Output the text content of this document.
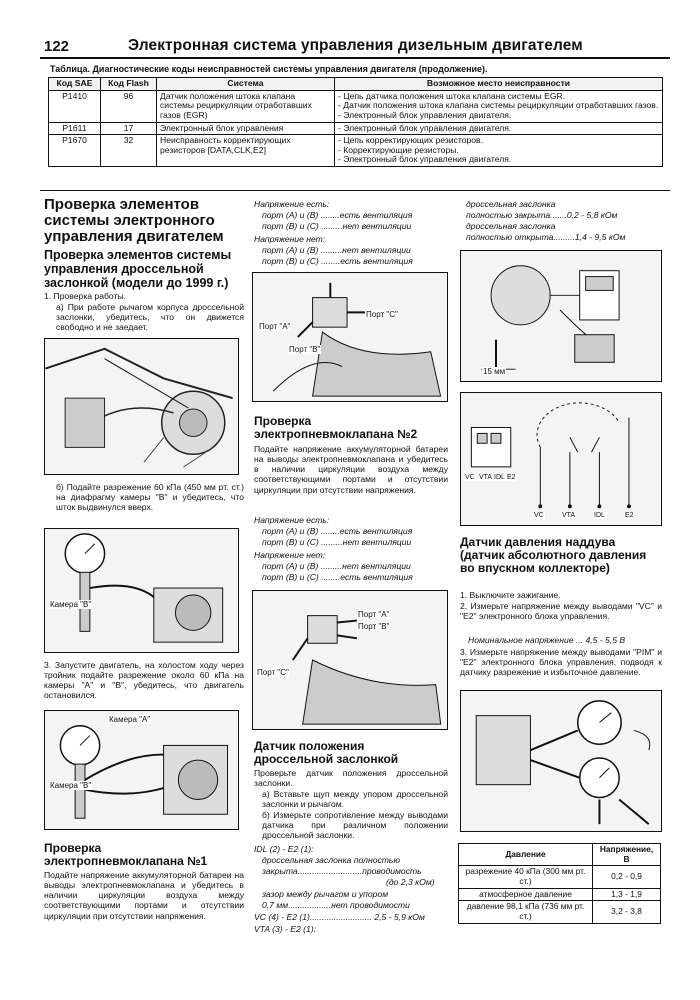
122	Электронная система управления дизельным двигателем
Таблица. Диагностические коды неисправностей системы управления двигателя (продолжение).
Код SAE	Код Flash	Система	Возможное место неисправности
P1410	96	Датчик положения штока клапана системы рециркуляции отработавших газов (EGR)	- Цепь датчика положения штока клапана системы EGR.
- Датчик положения штока клапана системы рециркуляции отработавших газов.
- Электронный блок управления двигателя.

P1611	17	Электронный блок управления	- Электронный блок управления двигателя.

P1670	32	Неисправность корректирующих резисторов [DATA,CLK,E2]	- Цепь корректирующих резисторов.
- Корректирующие резисторы.
- Электронный блок управления двигателя.
Проверка элементов системы электронного управления двигателем
Проверка элементов системы управления дроссельной заслонкой (модели до 1999 г.)
1. Проверка работы.
а) При работе рычагом корпуса дроссельной заслонки, убедитесь, что он движется свободно и не заедает.
б) Подайте разрежение 60 кПа (450 мм рт. ст.) на диафрагму камеры "B" и убедитесь, что шток выдвинулся вверх.
Камера "B"
3. Запустите двигатель, на холостом ходу через тройник подайте разрежение около 60 кПа на камеры "A" и "B", убедитесь, что двигатель остановился.
Камера "A"
Камера "B"
Проверка электропневмоклапана №1
Подайте напряжение аккумуляторной батареи на выводы электропневмоклапана и убедитесь в наличии циркуляции воздуха между соответствующими портами и отсутствии циркуляции при отсутствии напряжения.
Напряжение есть:
порт (A) и (B) ........есть вентиляция
порт (B) и (C) .........нет вентиляции
Напряжение нет:
порт (A) и (B) .........нет вентиляции
порт (B) и (C) ........есть вентиляция
Порт "A"
Порт "B"
Порт "C"
Проверка электропневмоклапана №2
Подайте напряжение аккумуляторной батареи на выводы электропневмоклапана и убедитесь в наличии циркуляции воздуха между соответствующими портами и отсутствии циркуляции при отсутствии напряжения.
Напряжение есть:
порт (A) и (B) ........есть вентиляция
порт (B) и (C) .........нет вентиляции
Напряжение нет:
порт (A) и (B) .........нет вентиляции
порт (B) и (C) ........есть вентиляция
Порт "A"
Порт "B"
Порт "C"
Датчик положения дроссельной заслонкой
Проверьте датчик положения дроссельной заслонки.
а) Вставьте щуп между упором дроссельной заслонки и рычагом.
б) Измерьте сопротивление между выводами датчика при различном положении дроссельной заслонки.
IDL (2) - E2 (1):
дроссельная заслонка полностью
закрыта...........................проводимость
(до 2,3 кОм)
зазор между рычагом и упором
0,7 мм..................нет проводимости
VC (4) - E2 (1).......................... 2,5 - 5,9 кОм
VTA (3) - E2 (1):
дроссельная заслонка
полностью закрыта.......0,2 - 5,8 кОм
дроссельная заслонка
полностью открыта.........1,4 - 9,5 кОм
15 мм
VC VTA IDL E2
VC	VTA	IDL	E2
Датчик давления наддува (датчик абсолютного давления во впускном коллекторе)
1. Выключите зажигание.
2. Измерьте напряжение между выводами "VC" и "E2" электронного блока управления.
Номинальное напряжение ... 4,5 - 5,5 В
3. Измерьте напряжение между выводами "PIM" и "E2" электронного блока управления, подводя к датчику разрежение и избыточное давление.
Давление	Напряжение, В
разрежение 40 кПа (300 мм рт. ст.)	0,2 - 0,9
атмосферное давление	1,3 - 1,9
давление 98,1 кПа (736 мм рт. ст.)	3,2 - 3,8
